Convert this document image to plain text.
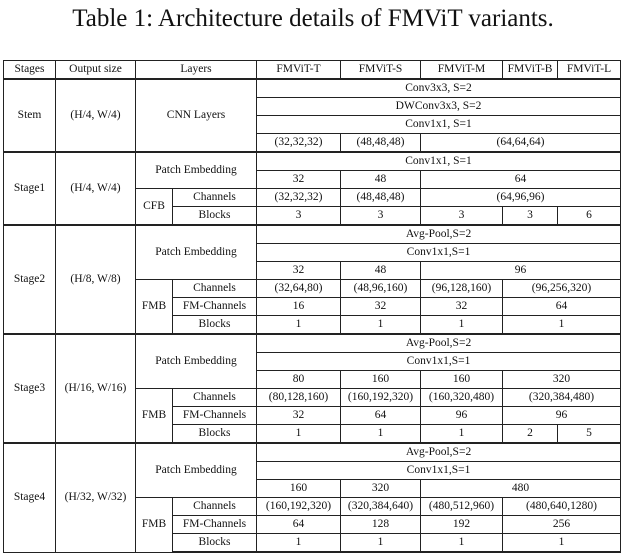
Table 1: Architecture details of FMViT variants.
Stages	Output size	Layers		FMViT-T	FMViT-S	FMViT-M	FMViT-B	FMViT-L
Stem	(H/4, W/4)	CNN Layers		Conv3x3, S=2				
				DWConv3x3, S=2				
				Conv1x1, S=1				
				(32,32,32)	(48,48,48)	(64,64,64)		
Stage1	(H/4, W/4)	Patch Embedding		Conv1x1, S=1				
				32	48	64		
		CFB	Channels	(32,32,32)	(48,48,48)	(64,96,96)		
			Blocks	3	3	3	3	6
Stage2	(H/8, W/8)	Patch Embedding		Avg-Pool,S=2				
				Conv1x1,S=1				
				32	48	96		
		FMB	Channels	(32,64,80)	(48,96,160)	(96,128,160)	(96,256,320)	
			FM-Channels	16	32	32	64	
			Blocks	1	1	1	1	
Stage3	(H/16, W/16)	Patch Embedding		Avg-Pool,S=2				
				Conv1x1,S=1				
				80	160	160	320	
		FMB	Channels	(80,128,160)	(160,192,320)	(160,320,480)	(320,384,480)	
			FM-Channels	32	64	96	96	
			Blocks	1	1	1	2	5
Stage4	(H/32, W/32)	Patch Embedding		Avg-Pool,S=2				
				Conv1x1,S=1				
				160	320	480		
		FMB	Channels	(160,192,320)	(320,384,640)	(480,512,960)	(480,640,1280)	
			FM-Channels	64	128	192	256	
			Blocks	1	1	1	1	
